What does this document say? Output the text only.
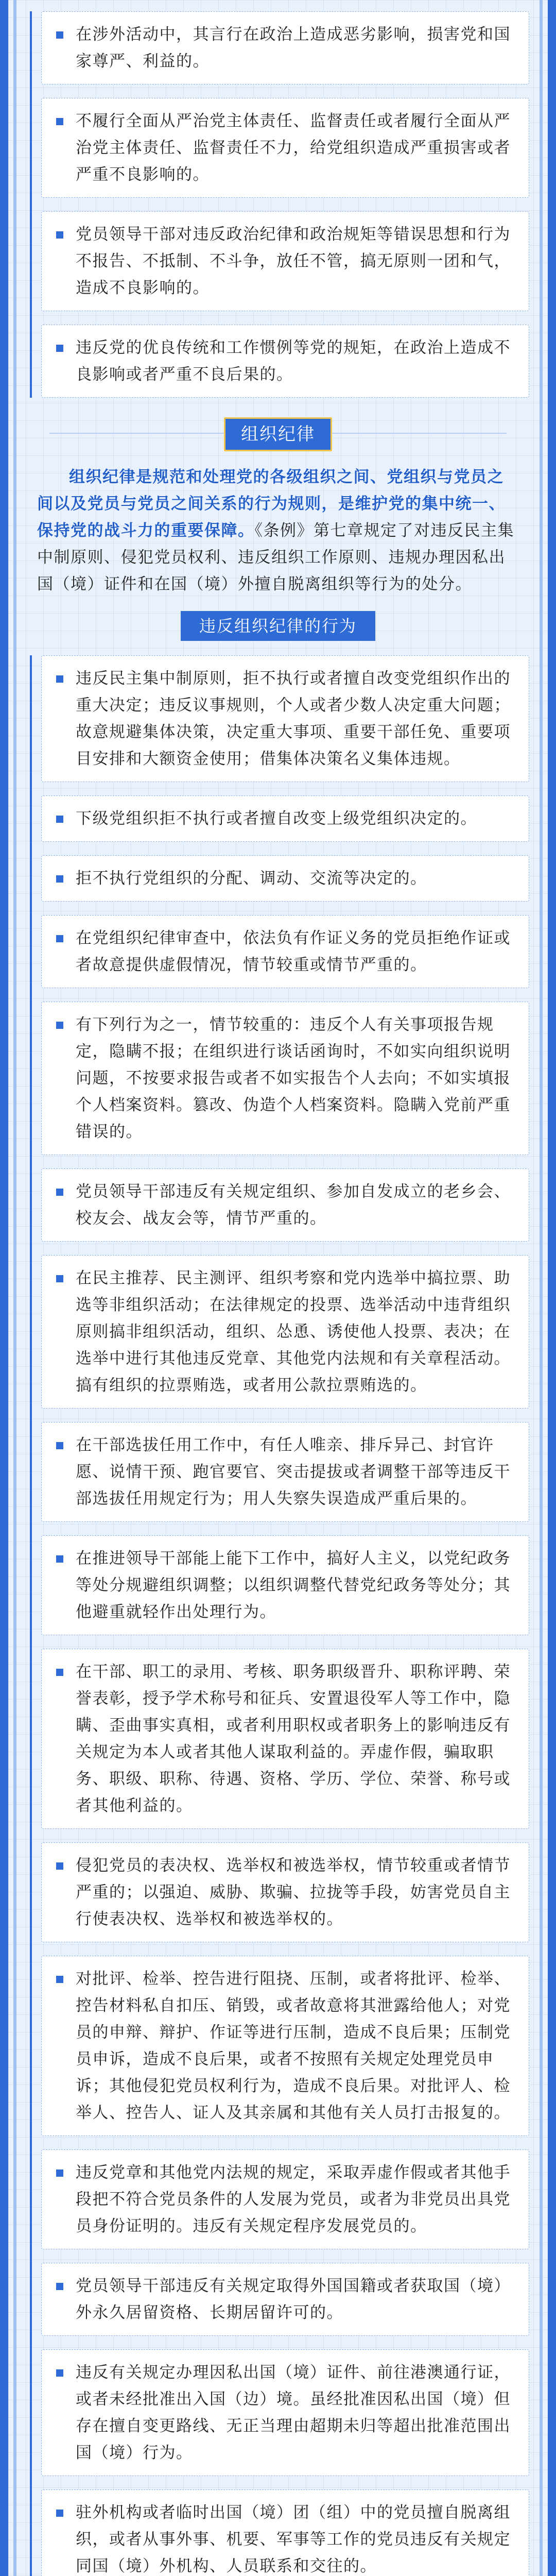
在涉外活动中，其言行在政治上造成恶劣影响，损害党和国家尊严、利益的。
不履行全面从严治党主体责任、监督责任或者履行全面从严治党主体责任、监督责任不力，给党组织造成严重损害或者严重不良影响的。
党员领导干部对违反政治纪律和政治规矩等错误思想和行为不报告、不抵制、不斗争，放任不管，搞无原则一团和气，造成不良影响的。
违反党的优良传统和工作惯例等党的规矩，在政治上造成不良影响或者严重不良后果的。
组织纪律

组织纪律是规范和处理党的各级组织之间、党组织与党员之间以及党员与党员之间关系的行为规则，是维护党的集中统一、保持党的战斗力的重要保障。《条例》第七章规定了对违反民主集中制原则、侵犯党员权利、违反组织工作原则、违规办理因私出国（境）证件和在国（境）外擅自脱离组织等行为的处分。

违反组织纪律的行为
违反民主集中制原则，拒不执行或者擅自改变党组织作出的重大决定；违反议事规则，个人或者少数人决定重大问题；故意规避集体决策，决定重大事项、重要干部任免、重要项目安排和大额资金使用；借集体决策名义集体违规。
下级党组织拒不执行或者擅自改变上级党组织决定的。
拒不执行党组织的分配、调动、交流等决定的。
在党组织纪律审查中，依法负有作证义务的党员拒绝作证或者故意提供虚假情况，情节较重或情节严重的。
有下列行为之一，情节较重的：违反个人有关事项报告规定，隐瞒不报；在组织进行谈话函询时，不如实向组织说明问题，不按要求报告或者不如实报告个人去向；不如实填报个人档案资料。篡改、伪造个人档案资料。隐瞒入党前严重错误的。
党员领导干部违反有关规定组织、参加自发成立的老乡会、校友会、战友会等，情节严重的。
在民主推荐、民主测评、组织考察和党内选举中搞拉票、助选等非组织活动；在法律规定的投票、选举活动中违背组织原则搞非组织活动，组织、怂恿、诱使他人投票、表决；在选举中进行其他违反党章、其他党内法规和有关章程活动。搞有组织的拉票贿选，或者用公款拉票贿选的。
在干部选拔任用工作中，有任人唯亲、排斥异己、封官许愿、说情干预、跑官要官、突击提拔或者调整干部等违反干部选拔任用规定行为；用人失察失误造成严重后果的。
在推进领导干部能上能下工作中，搞好人主义，以党纪政务等处分规避组织调整；以组织调整代替党纪政务等处分；其他避重就轻作出处理行为。
在干部、职工的录用、考核、职务职级晋升、职称评聘、荣誉表彰，授予学术称号和征兵、安置退役军人等工作中，隐瞒、歪曲事实真相，或者利用职权或者职务上的影响违反有关规定为本人或者其他人谋取利益的。弄虚作假，骗取职务、职级、职称、待遇、资格、学历、学位、荣誉、称号或者其他利益的。
侵犯党员的表决权、选举权和被选举权，情节较重或者情节严重的；以强迫、威胁、欺骗、拉拢等手段，妨害党员自主行使表决权、选举权和被选举权的。
对批评、检举、控告进行阻挠、压制，或者将批评、检举、控告材料私自扣压、销毁，或者故意将其泄露给他人；对党员的申辩、辩护、作证等进行压制，造成不良后果；压制党员申诉，造成不良后果，或者不按照有关规定处理党员申诉；其他侵犯党员权利行为，造成不良后果。对批评人、检举人、控告人、证人及其亲属和其他有关人员打击报复的。
违反党章和其他党内法规的规定，采取弄虚作假或者其他手段把不符合党员条件的人发展为党员，或者为非党员出具党员身份证明的。违反有关规定程序发展党员的。
党员领导干部违反有关规定取得外国国籍或者获取国（境）外永久居留资格、长期居留许可的。
违反有关规定办理因私出国（境）证件、前往港澳通行证，或者未经批准出入国（边）境。虽经批准因私出国（境）但存在擅自变更路线、无正当理由超期未归等超出批准范围出国（境）行为。
驻外机构或者临时出国（境）团（组）中的党员擅自脱离组织，或者从事外事、机要、军事等工作的党员违反有关规定同国（境）外机构、人员联系和交往的。
